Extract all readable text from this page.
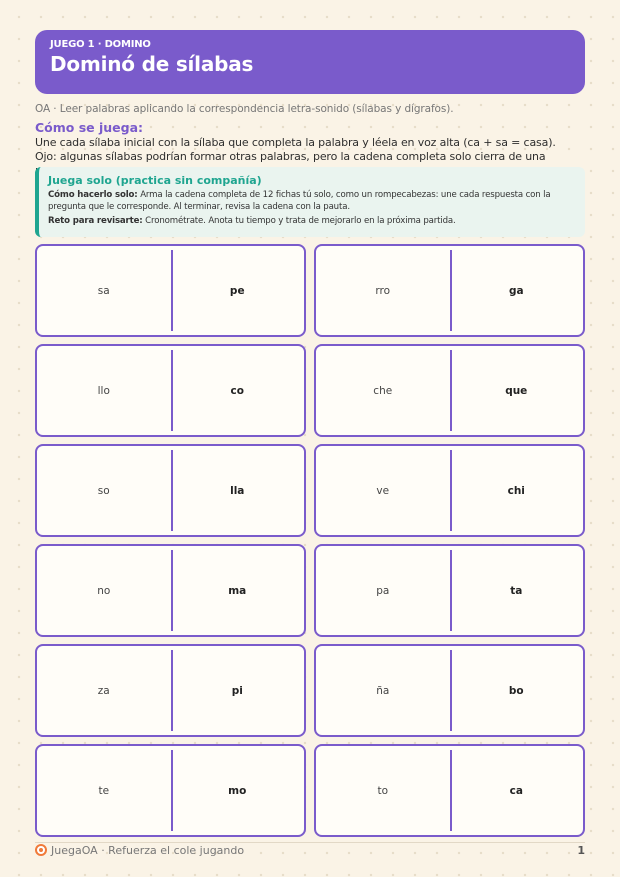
JUEGO 1 · DOMINO
Dominó de sílabas
OA · Leer palabras aplicando la correspondencia letra-sonido (sílabas y dígrafos).
Cómo se juega:
Une cada sílaba inicial con la sílaba que completa la palabra y léela en voz alta (ca + sa = casa). Ojo: algunas sílabas podrían formar otras palabras, pero la cadena completa solo cierra de una
Juega solo (practica sin compañía)

Cómo hacerlo solo: Arma la cadena completa de 12 fichas tú solo, como un rompecabezas: une cada respuesta con la pregunta que le corresponde. Al terminar, revisa la cadena con la pauta.

Reto para revisarte: Cronométrate. Anota tu tiempo y trata de mejorarlo en la próxima partida.

sa	pe	rro	ga
llo	co	che	que
so	lla	ve	chi
no	ma	pa	ta
za	pi	ña	bo
te	mo	to	ca
JuegaOA · Refuerza el cole jugando	1
